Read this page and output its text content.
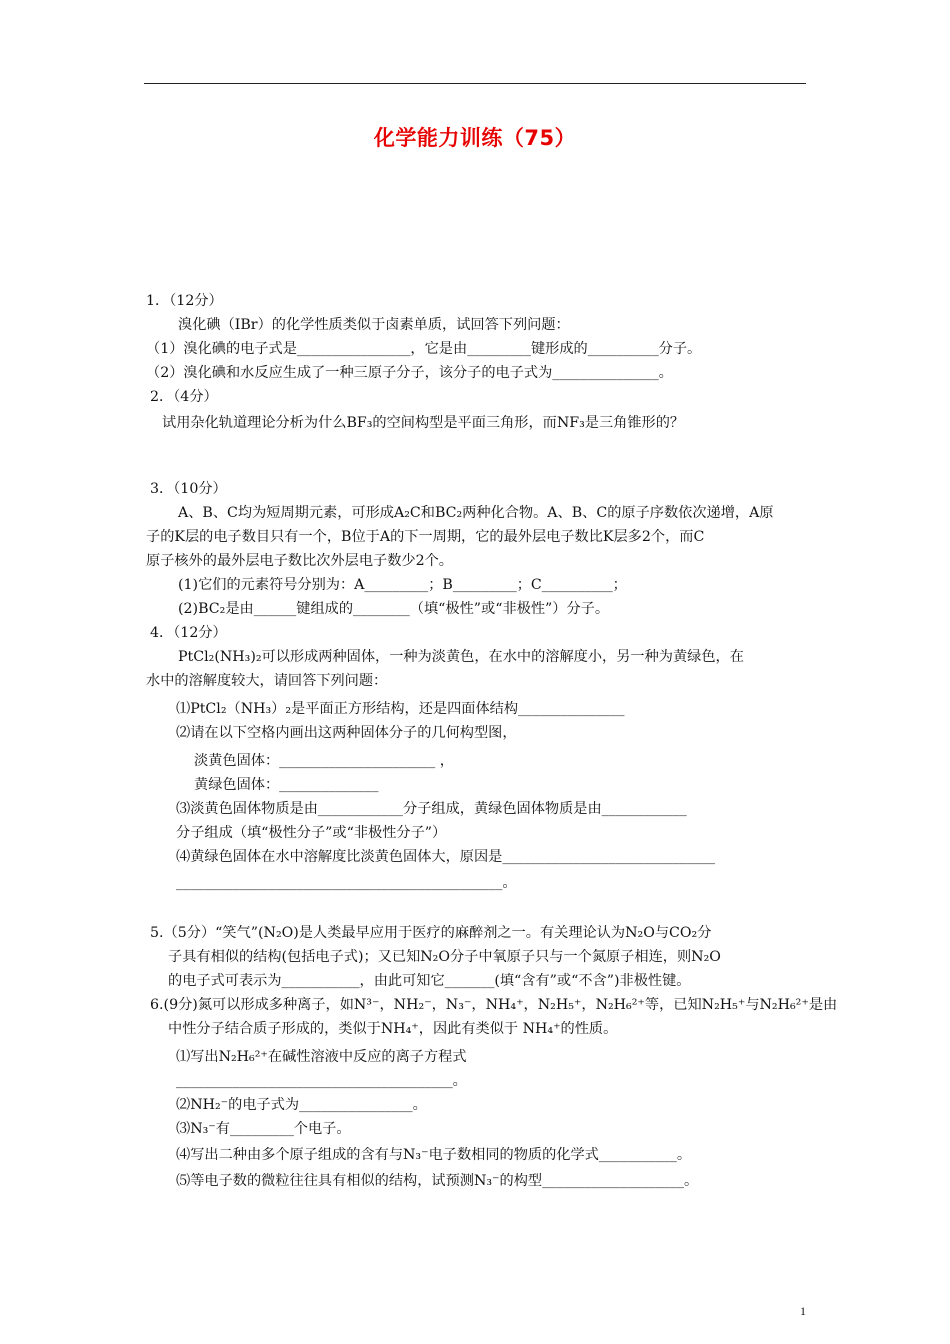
化学能力训练（75）
1．（12分）
溴化碘（IBr）的化学性质类似于卤素单质，试回答下列问题：
（1）溴化碘的电子式是________________，它是由_________键形成的__________分子。
（2）溴化碘和水反应生成了一种三原子分子，该分子的电子式为_______________。
2．（4分）
试用杂化轨道理论分析为什么BF₃的空间构型是平面三角形，而NF₃是三角锥形的？
3．（10分）
A、B、C均为短周期元素，可形成A₂C和BC₂两种化合物。A、B、C的原子序数依次递增，A原
子的K层的电子数目只有一个，B位于A的下一周期，它的最外层电子数比K层多2个，而C
原子核外的最外层电子数比次外层电子数少2个。
(1)它们的元素符号分别为：A_________；B_________；C__________；
(2)BC₂是由______键组成的________（填“极性”或“非极性”）分子。
4．（12分）
PtCl₂(NH₃)₂可以形成两种固体，一种为淡黄色，在水中的溶解度小，另一种为黄绿色，在
水中的溶解度较大，请回答下列问题：
⑴PtCl₂（NH₃）₂是平面正方形结构，还是四面体结构_______________
⑵请在以下空格内画出这两种固体分子的几何构型图，
淡黄色固体：______________________ ，
黄绿色固体：______________
⑶淡黄色固体物质是由____________分子组成，黄绿色固体物质是由____________
分子组成（填“极性分子”或“非极性分子”）
⑷黄绿色固体在水中溶解度比淡黄色固体大，原因是______________________________
______________________________________________。
5.（5分）“笑气”(N₂O)是人类最早应用于医疗的麻醉剂之一。有关理论认为N₂O与CO₂分
子具有相似的结构(包括电子式)；又已知N₂O分子中氧原子只与一个氮原子相连，则N₂O
的电子式可表示为___________，由此可知它_______(填“含有”或“不含”)非极性键。
6.(9分)氮可以形成多种离子，如N³⁻，NH₂⁻，N₃⁻，NH₄⁺，N₂H₅⁺，N₂H₆²⁺等，已知N₂H₅⁺与N₂H₆²⁺是由
中性分子结合质子形成的，类似于NH₄⁺，因此有类似于 NH₄⁺的性质。
⑴写出N₂H₆²⁺在碱性溶液中反应的离子方程式
_______________________________________。
⑵NH₂⁻的电子式为________________。
⑶N₃⁻有_________个电子。
⑷写出二种由多个原子组成的含有与N₃⁻电子数相同的物质的化学式___________。
⑸等电子数的微粒往往具有相似的结构，试预测N₃⁻的构型____________________。
1
